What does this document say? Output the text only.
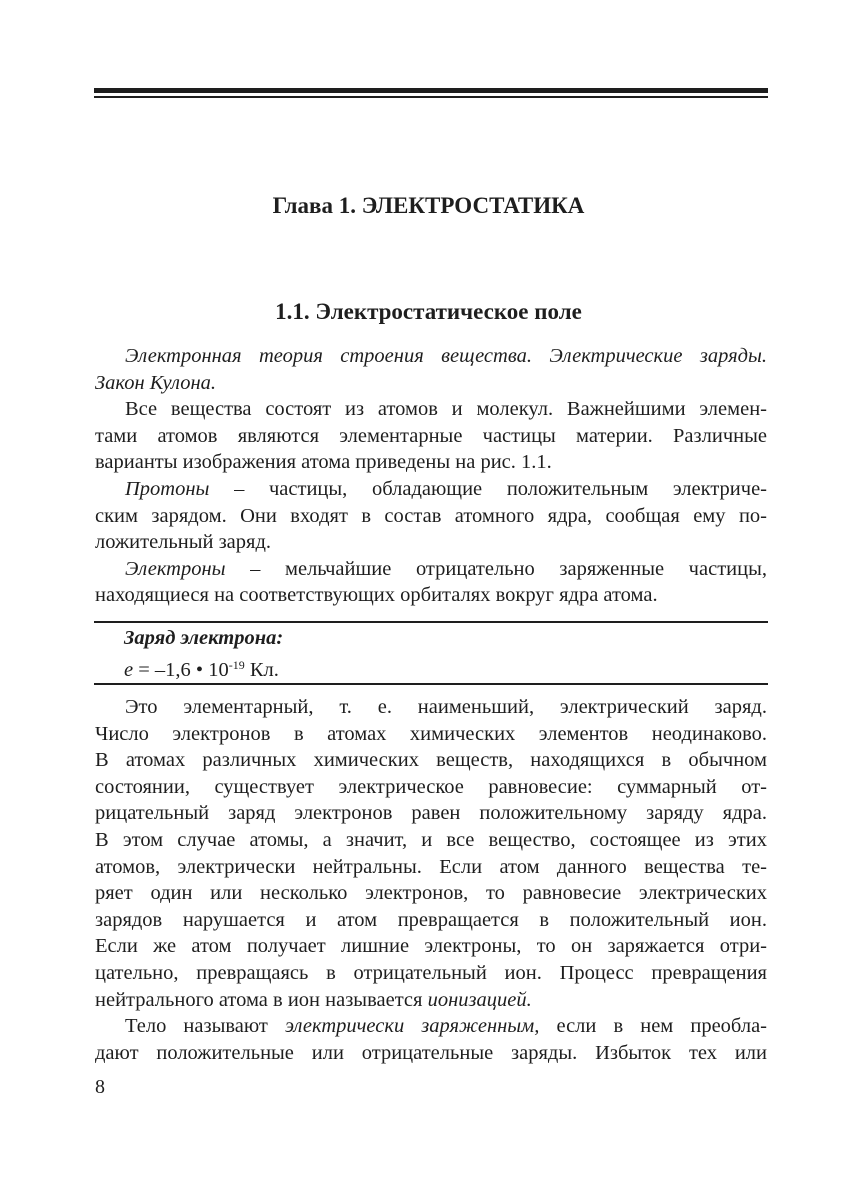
Глава 1. ЭЛЕКТРОСТАТИКА
1.1. Электростатическое поле
Электронная теория строения вещества. Электрические заряды.
Закон Кулона.
Все вещества состоят из атомов и молекул. Важнейшими элемен-
тами атомов являются элементарные частицы материи. Различные
варианты изображения атома приведены на рис. 1.1.
Протоны – частицы, обладающие положительным электриче-
ским зарядом. Они входят в состав атомного ядра, сообщая ему по-
ложительный заряд.
Электроны – мельчайшие отрицательно заряженные частицы,
находящиеся на соответствующих орбиталях вокруг ядра атома.
Заряд электрона:
e = –1,6 • $10^{-19}$ Кл.
Это элементарный, т. е. наименьший, электрический заряд.
Число электронов в атомах химических элементов неодинаково.
В атомах различных химических веществ, находящихся в обычном
состоянии, существует электрическое равновесие: суммарный от-
рицательный заряд электронов равен положительному заряду ядра.
В этом случае атомы, а значит, и все вещество, состоящее из этих
атомов, электрически нейтральны. Если атом данного вещества те-
ряет один или несколько электронов, то равновесие электрических
зарядов нарушается и атом превращается в положительный ион.
Если же атом получает лишние электроны, то он заряжается отри-
цательно, превращаясь в отрицательный ион. Процесс превращения
нейтрального атома в ион называется ионизацией.
Тело называют электрически заряженным, если в нем преобла-
дают положительные или отрицательные заряды. Избыток тех или
8
